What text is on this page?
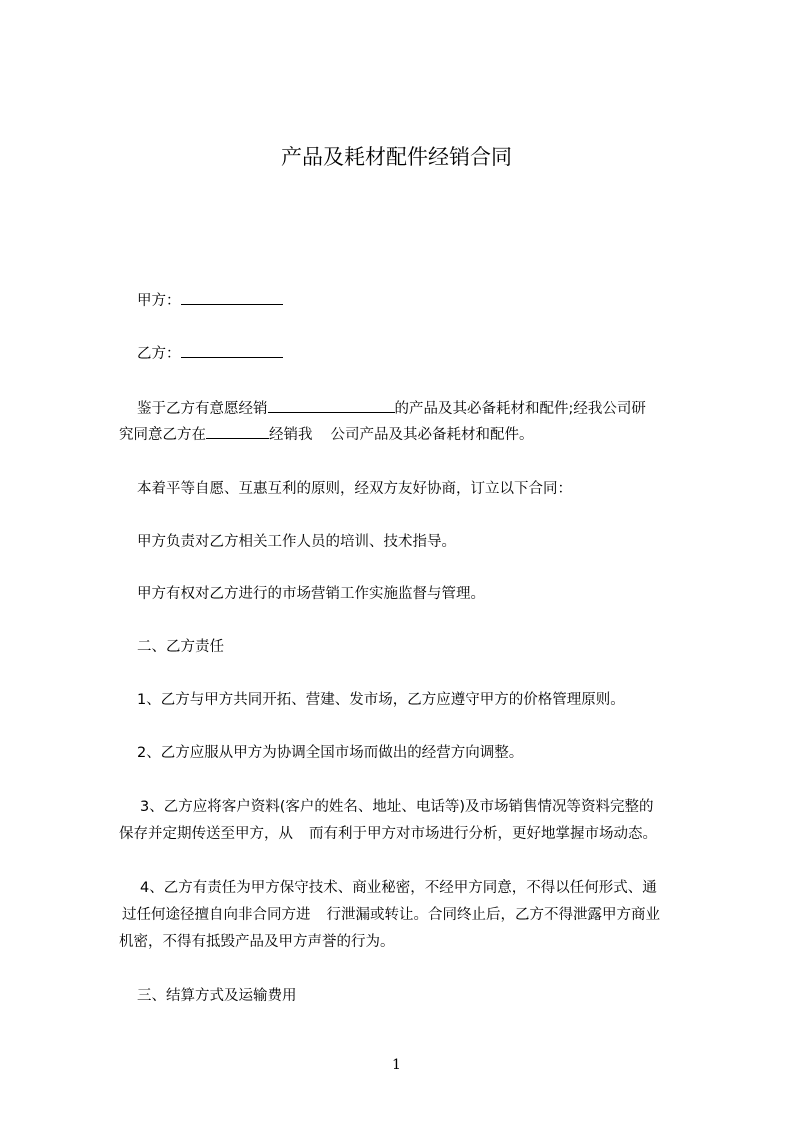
产品及耗材配件经销合同
甲方：
乙方：
鉴于乙方有意愿经销	的产品及其必备耗材和配件;经我公司研
究同意乙方在	经销我 公司产品及其必备耗材和配件。
本着平等自愿、互惠互利的原则，经双方友好协商，订立以下合同：
甲方负责对乙方相关工作人员的培训、技术指导。
甲方有权对乙方进行的市场营销工作实施监督与管理。
二、乙方责任
1、乙方与甲方共同开拓、营建、发市场，乙方应遵守甲方的价格管理原则。
2、乙方应服从甲方为协调全国市场而做出的经营方向调整。
3、乙方应将客户资料(客户的姓名、地址、电话等)及市场销售情况等资料完整的
保存并定期传送至甲方，从 而有利于甲方对市场进行分析，更好地掌握市场动态。
4、乙方有责任为甲方保守技术、商业秘密，不经甲方同意，不得以任何形式、通
过任何途径擅自向非合同方进 行泄漏或转让。合同终止后，乙方不得泄露甲方商业
机密，不得有抵毁产品及甲方声誉的行为。
三、结算方式及运输费用
1
